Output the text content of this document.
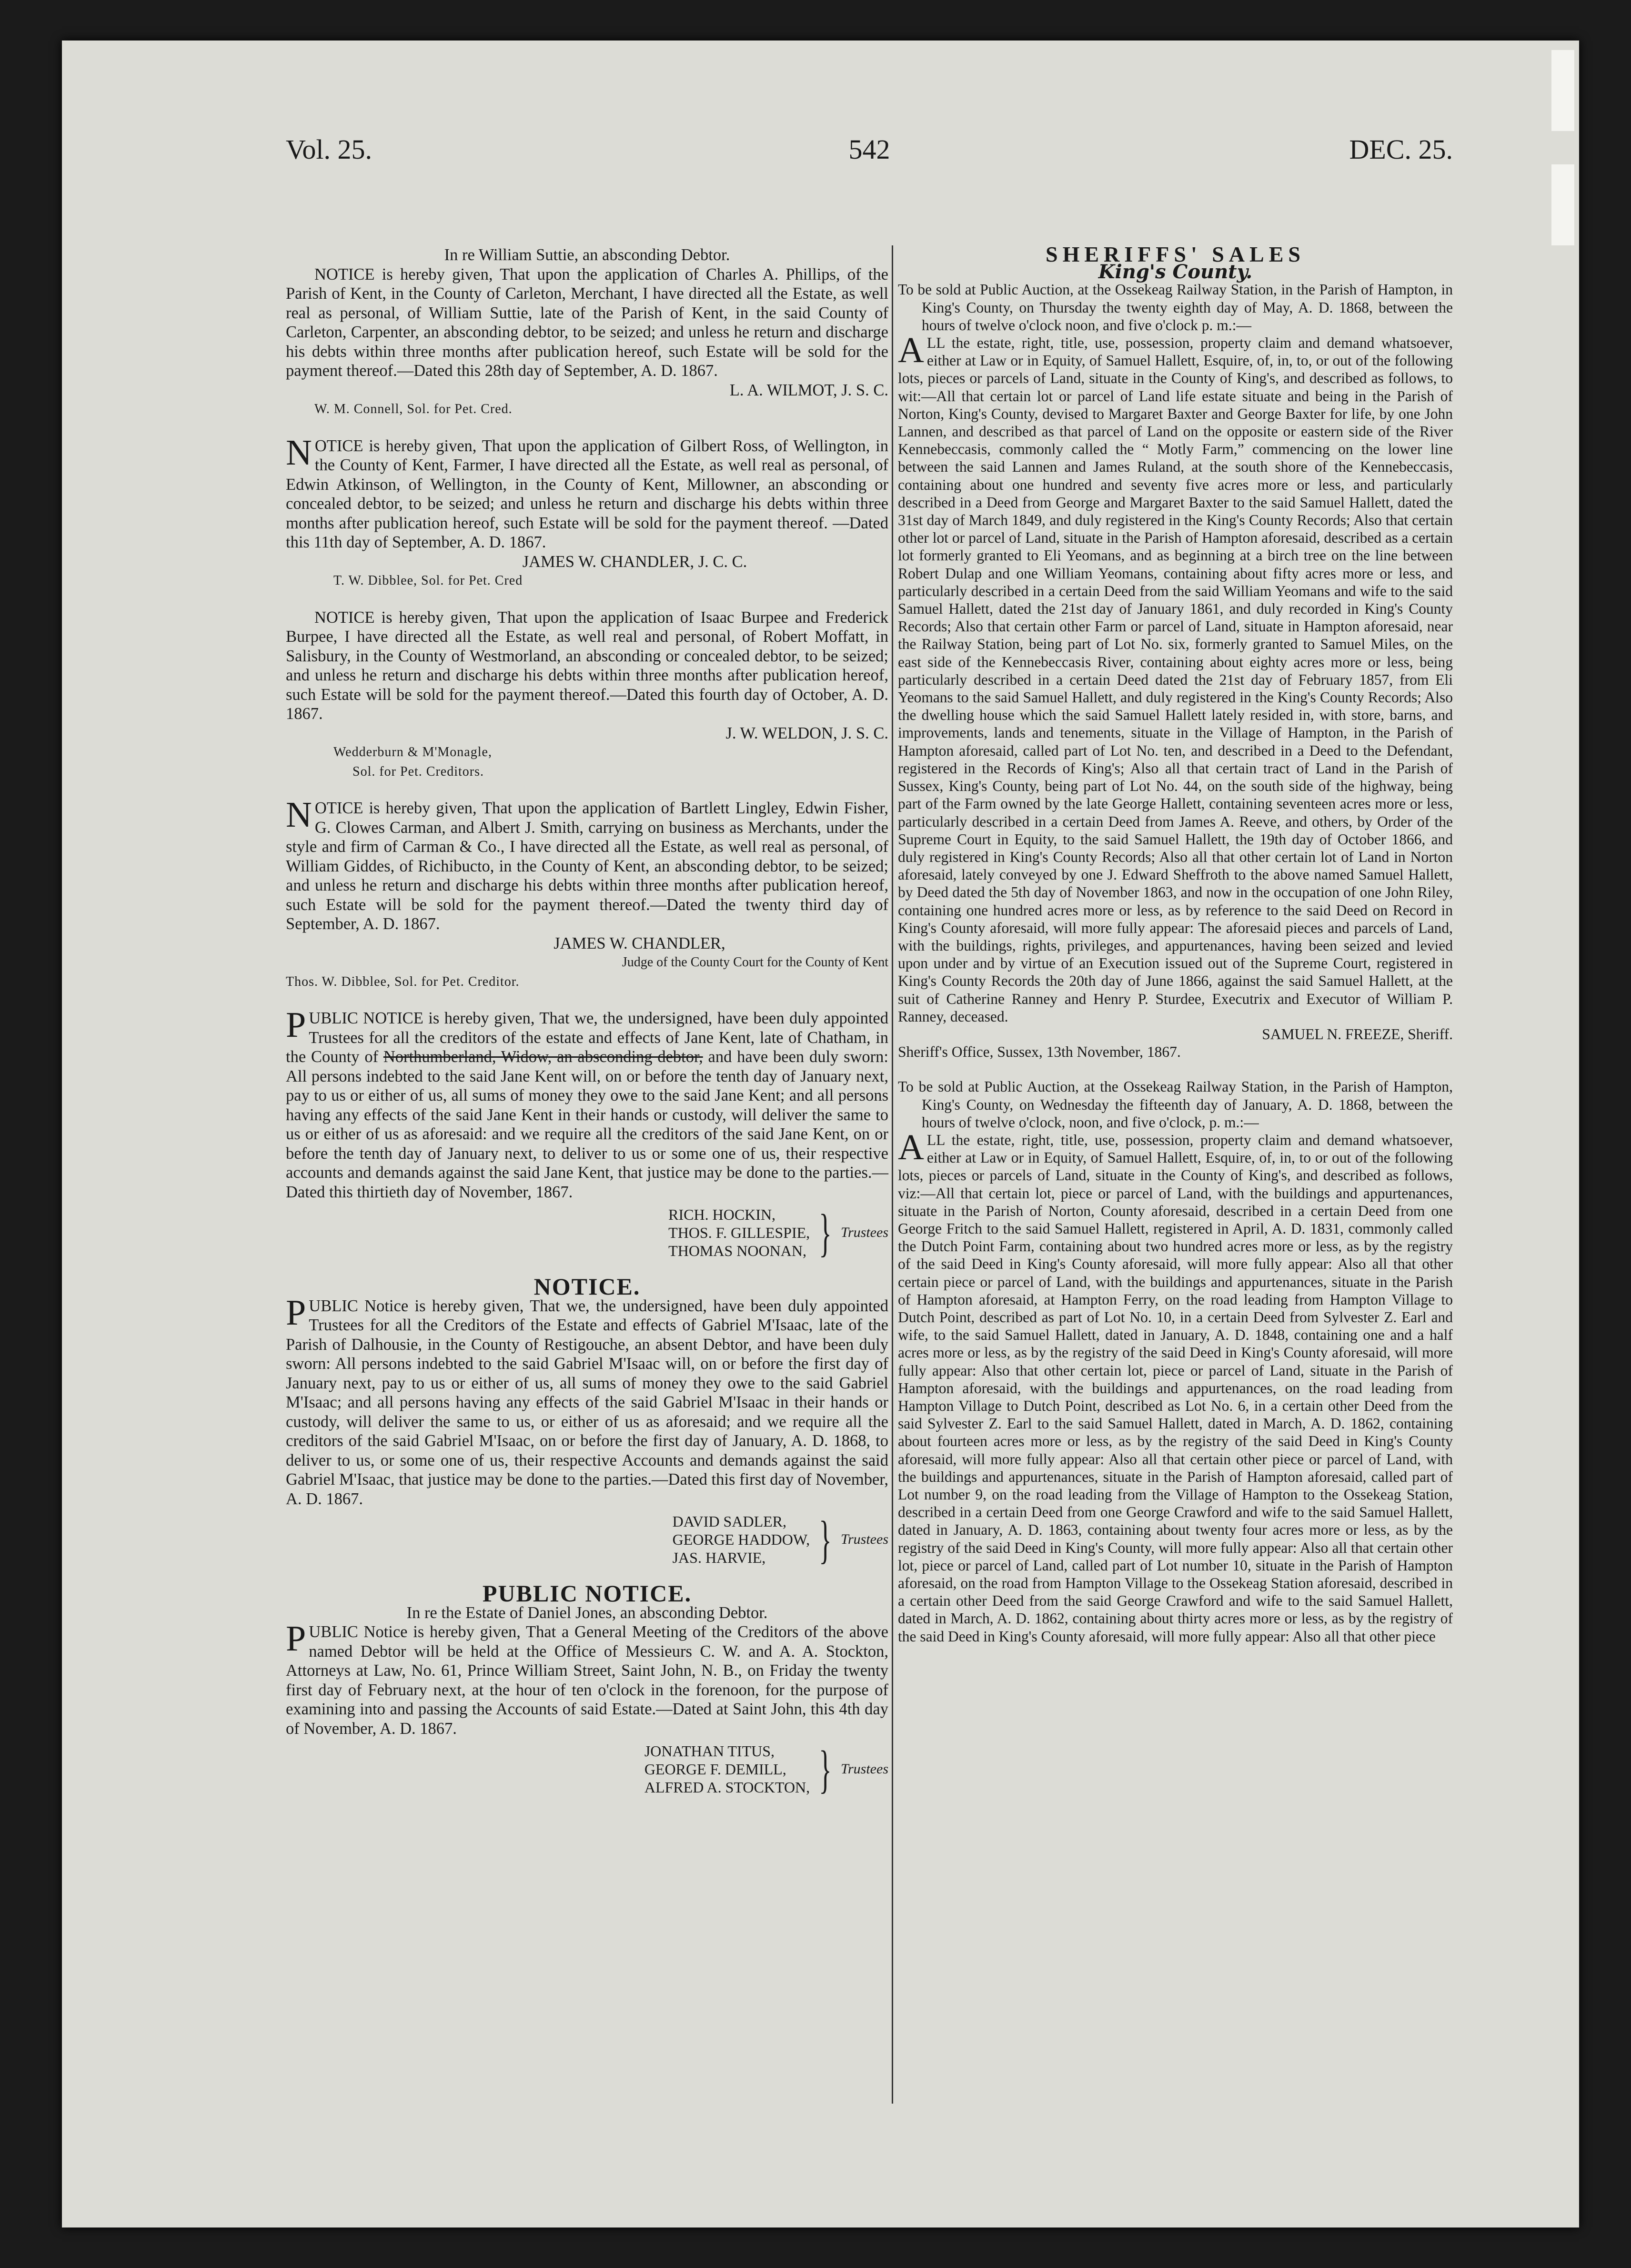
Vol. 25.	542	DEC. 25.

In re William Suttie, an absconding Debtor.

NOTICE is hereby given, That upon the application of Charles A. Phillips, of the Parish of Kent, in the County of Carleton, Merchant, I have directed all the Estate, as well real as personal, of William Suttie, late of the Parish of Kent, in the said County of Carleton, Carpenter, an absconding debtor, to be seized; and unless he return and discharge his debts within three months after publication hereof, such Estate will be sold for the payment thereof.—Dated this 28th day of September, A. D. 1867.

L. A. WILMOT, J. S. C.

W. M. Connell, Sol. for Pet. Cred.

NOTICE is hereby given, That upon the application of Gilbert Ross, of Wellington, in the County of Kent, Farmer, I have directed all the Estate, as well real as personal, of Edwin Atkinson, of Wellington, in the County of Kent, Millowner, an absconding or concealed debtor, to be seized; and unless he return and discharge his debts within three months after publication hereof, such Estate will be sold for the payment thereof. —Dated this 11th day of September, A. D. 1867.

JAMES W. CHANDLER, J. C. C.

T. W. Dibblee, Sol. for Pet. Cred

NOTICE is hereby given, That upon the application of Isaac Burpee and Frederick Burpee, I have directed all the Estate, as well real and personal, of Robert Moffatt, in Salisbury, in the County of Westmorland, an absconding or concealed debtor, to be seized; and unless he return and discharge his debts within three months after publication hereof, such Estate will be sold for the payment thereof.—Dated this fourth day of October, A. D. 1867.

J. W. WELDON, J. S. C.

Wedderburn & M'Monagle,

Sol. for Pet. Creditors.

NOTICE is hereby given, That upon the application of Bartlett Lingley, Edwin Fisher, G. Clowes Carman, and Albert J. Smith, carrying on business as Merchants, under the style and firm of Carman & Co., I have directed all the Estate, as well real as personal, of William Giddes, of Richibucto, in the County of Kent, an absconding debtor, to be seized; and unless he return and discharge his debts within three months after publication hereof, such Estate will be sold for the payment thereof.—Dated the twenty third day of September, A. D. 1867.

JAMES W. CHANDLER,

Judge of the County Court for the County of Kent

Thos. W. Dibblee, Sol. for Pet. Creditor.

PUBLIC NOTICE is hereby given, That we, the undersigned, have been duly appointed Trustees for all the creditors of the estate and effects of Jane Kent, late of Chatham, in the County of Northumberland, Widow, an absconding debtor, and have been duly sworn: All persons indebted to the said Jane Kent will, on or before the tenth day of January next, pay to us or either of us, all sums of money they owe to the said Jane Kent; and all persons having any effects of the said Jane Kent in their hands or custody, will deliver the same to us or either of us as aforesaid: and we require all the creditors of the said Jane Kent, on or before the tenth day of January next, to deliver to us or some one of us, their respective accounts and demands against the said Jane Kent, that justice may be done to the parties.—Dated this thirtieth day of November, 1867.

RICH. HOCKIN,
THOS. F. GILLESPIE,
THOMAS NOONAN, } Trustees

NOTICE.

PUBLIC Notice is hereby given, That we, the undersigned, have been duly appointed Trustees for all the Creditors of the Estate and effects of Gabriel M'Isaac, late of the Parish of Dalhousie, in the County of Restigouche, an absent Debtor, and have been duly sworn: All persons indebted to the said Gabriel M'Isaac will, on or before the first day of January next, pay to us or either of us, all sums of money they owe to the said Gabriel M'Isaac; and all persons having any effects of the said Gabriel M'Isaac in their hands or custody, will deliver the same to us, or either of us as aforesaid; and we require all the creditors of the said Gabriel M'Isaac, on or before the first day of January, A. D. 1868, to deliver to us, or some one of us, their respective Accounts and demands against the said Gabriel M'Isaac, that justice may be done to the parties.—Dated this first day of November, A. D. 1867.

DAVID SADLER,
GEORGE HADDOW,
JAS. HARVIE,	} Trustees

PUBLIC NOTICE.

In re the Estate of Daniel Jones, an absconding Debtor.

PUBLIC Notice is hereby given, That a General Meeting of the Creditors of the above named Debtor will be held at the Office of Messieurs C. W. and A. A. Stockton, Attorneys at Law, No. 61, Prince William Street, Saint John, N. B., on Friday the twenty first day of February next, at the hour of ten o'clock in the forenoon, for the purpose of examining into and passing the Accounts of said Estate.—Dated at Saint John, this 4th day of November, A. D. 1867.

JONATHAN TITUS,
GEORGE F. DEMILL,
ALFRED A. STOCKTON, } Trustees

SHERIFFS' SALES

King's County.

To be sold at Public Auction, at the Ossekeag Railway Station, in the Parish of Hampton, in King's County, on Thursday the twenty eighth day of May, A. D. 1868, between the hours of twelve o'clock noon, and five o'clock p. m.:—

ALL the estate, right, title, use, possession, property claim and demand whatsoever, either at Law or in Equity, of Samuel Hallett, Esquire, of, in, to, or out of the following lots, pieces or parcels of Land, situate in the County of King's, and described as follows, to wit:—All that certain lot or parcel of Land life estate situate and being in the Parish of Norton, King's County, devised to Margaret Baxter and George Baxter for life, by one John Lannen, and described as that parcel of Land on the opposite or eastern side of the River Kennebeccasis, commonly called the “ Motly Farm,” commencing on the lower line between the said Lannen and James Ruland, at the south shore of the Kennebeccasis, containing about one hundred and seventy five acres more or less, and particularly described in a Deed from George and Margaret Baxter to the said Samuel Hallett, dated the 31st day of March 1849, and duly registered in the King's County Records; Also that certain other lot or parcel of Land, situate in the Parish of Hampton aforesaid, described as a certain lot formerly granted to Eli Yeomans, and as beginning at a birch tree on the line between Robert Dulap and one William Yeomans, containing about fifty acres more or less, and particularly described in a certain Deed from the said William Yeomans and wife to the said Samuel Hallett, dated the 21st day of January 1861, and duly recorded in King's County Records; Also that certain other Farm or parcel of Land, situate in Hampton aforesaid, near the Railway Station, being part of Lot No. six, formerly granted to Samuel Miles, on the east side of the Kennebeccasis River, containing about eighty acres more or less, being particularly described in a certain Deed dated the 21st day of February 1857, from Eli Yeomans to the said Samuel Hallett, and duly registered in the King's County Records; Also the dwelling house which the said Samuel Hallett lately resided in, with store, barns, and improvements, lands and tenements, situate in the Village of Hampton, in the Parish of Hampton aforesaid, called part of Lot No. ten, and described in a Deed to the Defendant, registered in the Records of King's; Also all that certain tract of Land in the Parish of Sussex, King's County, being part of Lot No. 44, on the south side of the highway, being part of the Farm owned by the late George Hallett, containing seventeen acres more or less, particularly described in a certain Deed from James A. Reeve, and others, by Order of the Supreme Court in Equity, to the said Samuel Hallett, the 19th day of October 1866, and duly registered in King's County Records; Also all that other certain lot of Land in Norton aforesaid, lately conveyed by one J. Edward Sheffroth to the above named Samuel Hallett, by Deed dated the 5th day of November 1863, and now in the occupation of one John Riley, containing one hundred acres more or less, as by reference to the said Deed on Record in King's County aforesaid, will more fully appear: The aforesaid pieces and parcels of Land, with the buildings, rights, privileges, and appurtenances, having been seized and levied upon under and by virtue of an Execution issued out of the Supreme Court, registered in King's County Records the 20th day of June 1866, against the said Samuel Hallett, at the suit of Catherine Ranney and Henry P. Sturdee, Executrix and Executor of William P. Ranney, deceased.

SAMUEL N. FREEZE, Sheriff.

Sheriff's Office, Sussex, 13th November, 1867.

To be sold at Public Auction, at the Ossekeag Railway Station, in the Parish of Hampton, King's County, on Wednesday the fifteenth day of January, A. D. 1868, between the hours of twelve o'clock, noon, and five o'clock, p. m.:—

ALL the estate, right, title, use, possession, property claim and demand whatsoever, either at Law or in Equity, of Samuel Hallett, Esquire, of, in, to or out of the following lots, pieces or parcels of Land, situate in the County of King's, and described as follows, viz:—All that certain lot, piece or parcel of Land, with the buildings and appurtenances, situate in the Parish of Norton, County aforesaid, described in a certain Deed from one George Fritch to the said Samuel Hallett, registered in April, A. D. 1831, commonly called the Dutch Point Farm, containing about two hundred acres more or less, as by the registry of the said Deed in King's County aforesaid, will more fully appear: Also all that other certain piece or parcel of Land, with the buildings and appurtenances, situate in the Parish of Hampton aforesaid, at Hampton Ferry, on the road leading from Hampton Village to Dutch Point, described as part of Lot No. 10, in a certain Deed from Sylvester Z. Earl and wife, to the said Samuel Hallett, dated in January, A. D. 1848, containing one and a half acres more or less, as by the registry of the said Deed in King's County aforesaid, will more fully appear: Also that other certain lot, piece or parcel of Land, situate in the Parish of Hampton aforesaid, with the buildings and appurtenances, on the road leading from Hampton Village to Dutch Point, described as Lot No. 6, in a certain other Deed from the said Sylvester Z. Earl to the said Samuel Hallett, dated in March, A. D. 1862, containing about fourteen acres more or less, as by the registry of the said Deed in King's County aforesaid, will more fully appear: Also all that certain other piece or parcel of Land, with the buildings and appurtenances, situate in the Parish of Hampton aforesaid, called part of Lot number 9, on the road leading from the Village of Hampton to the Ossekeag Station, described in a certain Deed from one George Crawford and wife to the said Samuel Hallett, dated in January, A. D. 1863, containing about twenty four acres more or less, as by the registry of the said Deed in King's County, will more fully appear: Also all that certain other lot, piece or parcel of Land, called part of Lot number 10, situate in the Parish of Hampton aforesaid, on the road from Hampton Village to the Ossekeag Station aforesaid, described in a certain other Deed from the said George Crawford and wife to the said Samuel Hallett, dated in March, A. D. 1862, containing about thirty acres more or less, as by the registry of the said Deed in King's County aforesaid, will more fully appear: Also all that other piece
